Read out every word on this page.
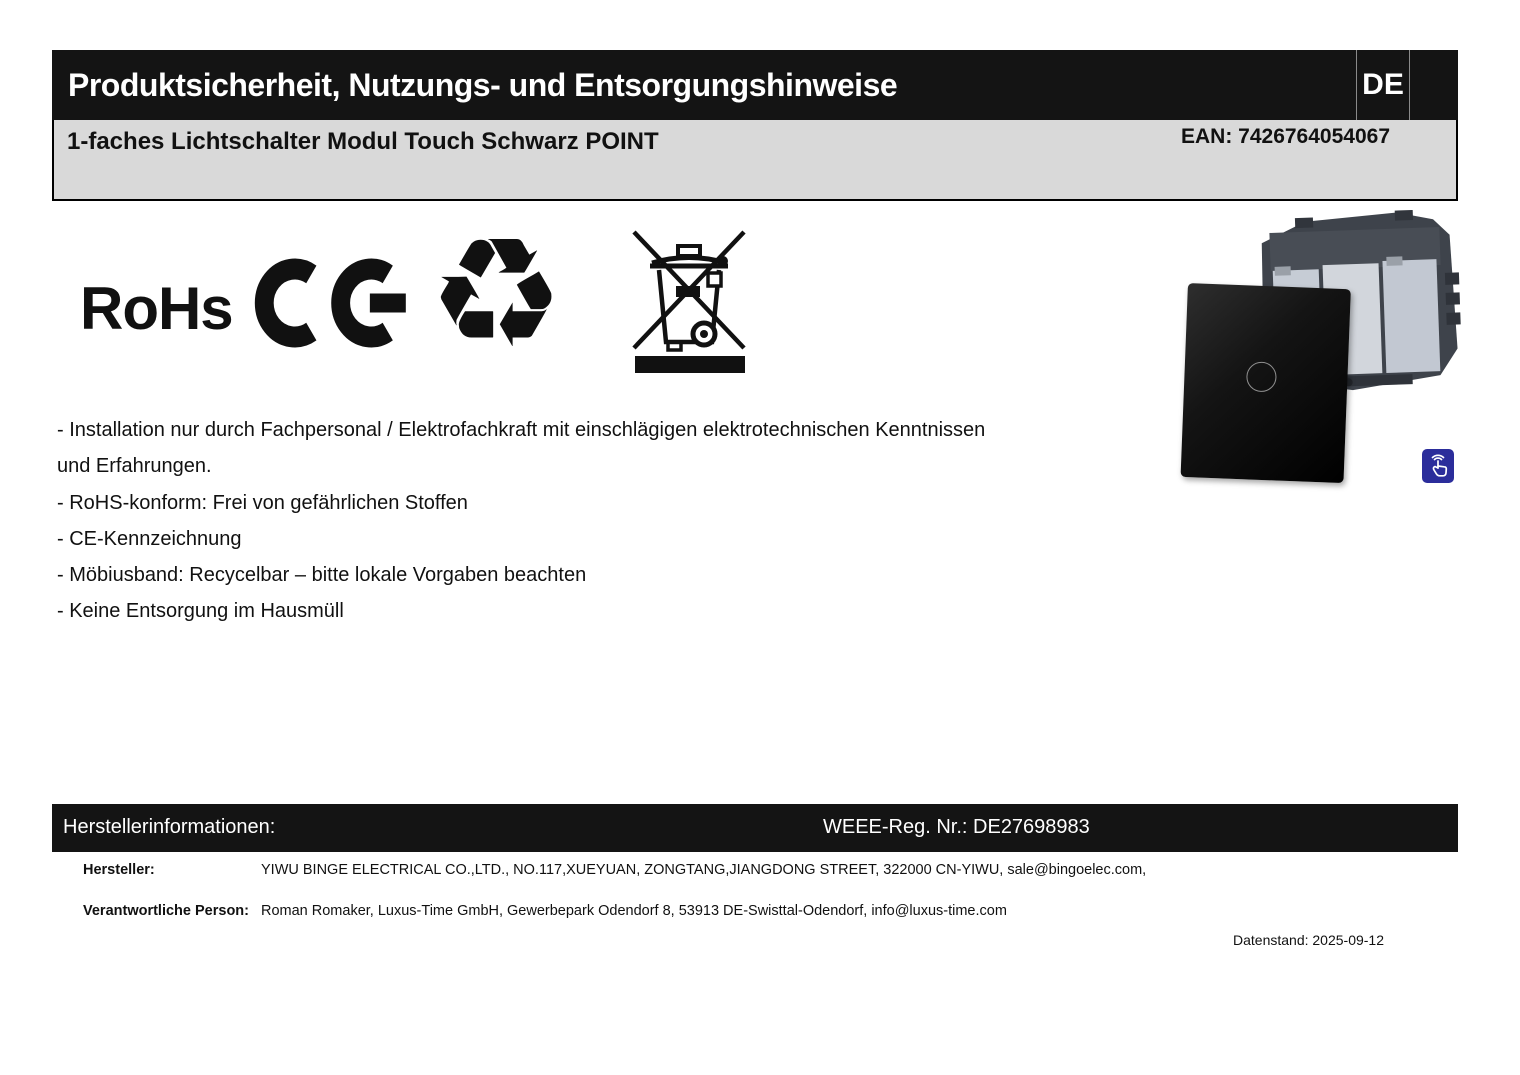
Produktsicherheit, Nutzungs- und Entsorgungshinweise	DE
1-faches Lichtschalter Modul Touch Schwarz POINT	EAN: 7426764054067
RoHs ♻
- Installation nur durch Fachpersonal / Elektrofachkraft mit einschlägigen elektrotechnischen Kenntnissen
und Erfahrungen.
- RoHS-konform: Frei von gefährlichen Stoffen
- CE-Kennzeichnung
- Möbiusband: Recycelbar – bitte lokale Vorgaben beachten
- Keine Entsorgung im Hausmüll
Herstellerinformationen:	WEEE-Reg. Nr.: DE27698983
Hersteller:	YIWU BINGE ELECTRICAL CO.,LTD., NO.117,XUEYUAN, ZONGTANG,JIANGDONG STREET, 322000 CN-YIWU, sale@bingoelec.com,
Verantwortliche Person: Roman Romaker, Luxus-Time GmbH, Gewerbepark Odendorf 8, 53913 DE-Swisttal-Odendorf, info@luxus-time.com
Datenstand: 2025-09-12
